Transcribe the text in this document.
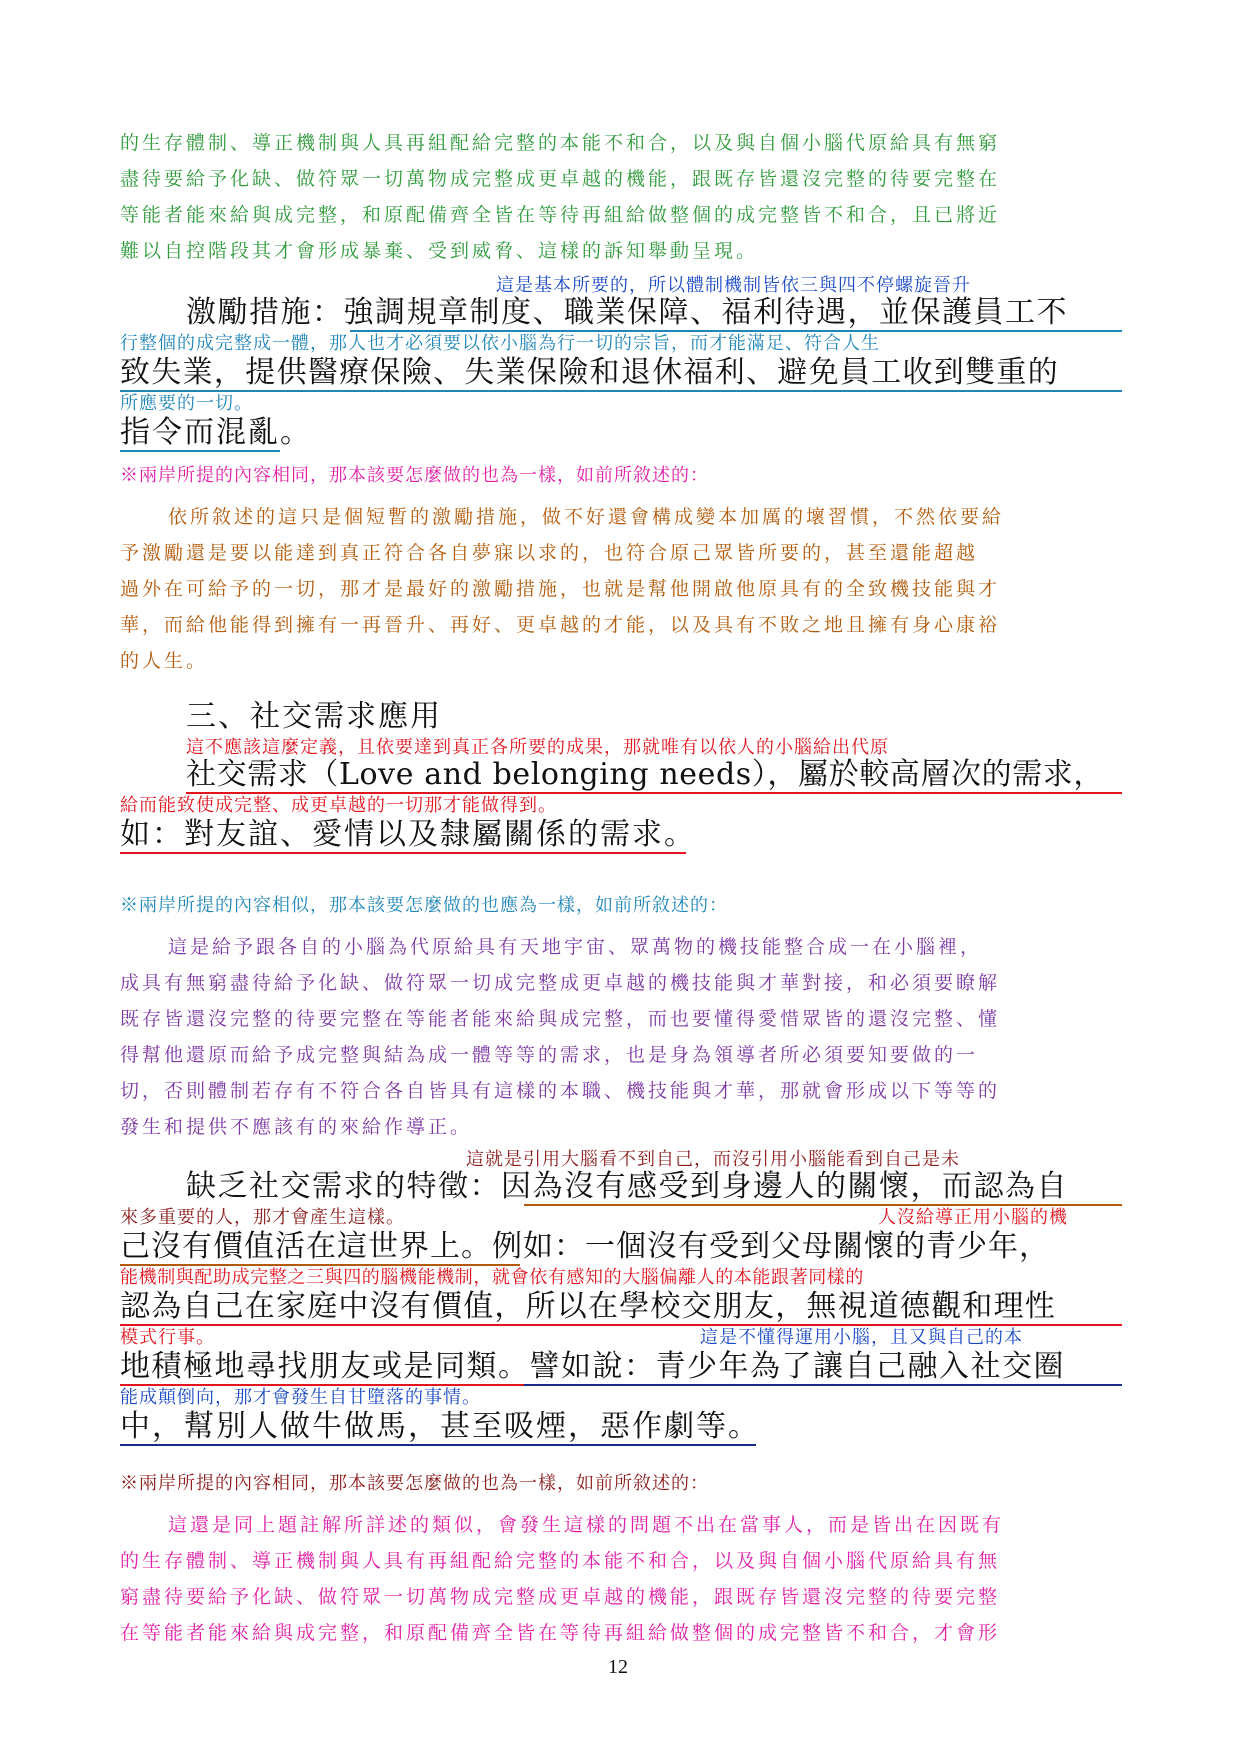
的生存體制、導正機制與人具再組配給完整的本能不和合，以及與自個小腦代原給具有無窮

盡待要給予化缺、做符眾一切萬物成完整成更卓越的機能，跟既存皆還沒完整的待要完整在

等能者能來給與成完整，和原配備齊全皆在等待再組給做整個的成完整皆不和合，且已將近

難以自控階段其才會形成暴棄、受到威脅、這樣的訴知舉動呈現。

這是基本所要的，所以體制機制皆依三與四不停螺旋晉升

激勵措施：強調規章制度、職業保障、福利待遇，並保護員工不

行整個的成完整成一體，那人也才必須要以依小腦為行一切的宗旨，而才能滿足、符合人生

致失業，提供醫療保險、失業保險和退休福利、避免員工收到雙重的

所應要的一切。

指令而混亂。

※兩岸所提的內容相同，那本該要怎麼做的也為一樣，如前所敘述的：

依所敘述的這只是個短暫的激勵措施，做不好還會構成變本加厲的壞習慣，不然依要給

予激勵還是要以能達到真正符合各自夢寐以求的，也符合原己眾皆所要的，甚至還能超越

過外在可給予的一切，那才是最好的激勵措施，也就是幫他開啟他原具有的全致機技能與才

華，而給他能得到擁有一再晉升、再好、更卓越的才能，以及具有不敗之地且擁有身心康裕

的人生。

三、社交需求應用

這不應該這麼定義，且依要達到真正各所要的成果，那就唯有以依人的小腦給出代原

社交需求（Love and belonging needs），屬於較高層次的需求，

給而能致使成完整、成更卓越的一切那才能做得到。

如：對友誼、愛情以及隸屬關係的需求。

※兩岸所提的內容相似，那本該要怎麼做的也應為一樣，如前所敘述的：

這是給予跟各自的小腦為代原給具有天地宇宙、眾萬物的機技能整合成一在小腦裡，

成具有無窮盡待給予化缺、做符眾一切成完整成更卓越的機技能與才華對接，和必須要瞭解

既存皆還沒完整的待要完整在等能者能來給與成完整，而也要懂得愛惜眾皆的還沒完整、懂

得幫他還原而給予成完整與結為成一體等等的需求，也是身為領導者所必須要知要做的一

切，否則體制若存有不符合各自皆具有這樣的本職、機技能與才華，那就會形成以下等等的

發生和提供不應該有的來給作導正。

這就是引用大腦看不到自己，而沒引用小腦能看到自己是未

缺乏社交需求的特徵：因為沒有感受到身邊人的關懷，而認為自

來多重要的人，那才會產生這樣。	人沒給導正用小腦的機

己沒有價值活在這世界上。例如：一個沒有受到父母關懷的青少年，

能機制與配助成完整之三與四的腦機能機制，就會依有感知的大腦偏離人的本能跟著同樣的

認為自己在家庭中沒有價值，所以在學校交朋友，無視道德觀和理性

模式行事。	這是不懂得運用小腦，且又與自己的本

地積極地尋找朋友或是同類。譬如說：青少年為了讓自己融入社交圈

能成顛倒向，那才會發生自甘墮落的事情。

中，幫別人做牛做馬，甚至吸煙，惡作劇等。

※兩岸所提的內容相同，那本該要怎麼做的也為一樣，如前所敘述的：

這還是同上題註解所詳述的類似，會發生這樣的問題不出在當事人，而是皆出在因既有

的生存體制、導正機制與人具有再組配給完整的本能不和合，以及與自個小腦代原給具有無

窮盡待要給予化缺、做符眾一切萬物成完整成更卓越的機能，跟既存皆還沒完整的待要完整

在等能者能來給與成完整，和原配備齊全皆在等待再組給做整個的成完整皆不和合，才會形

12
